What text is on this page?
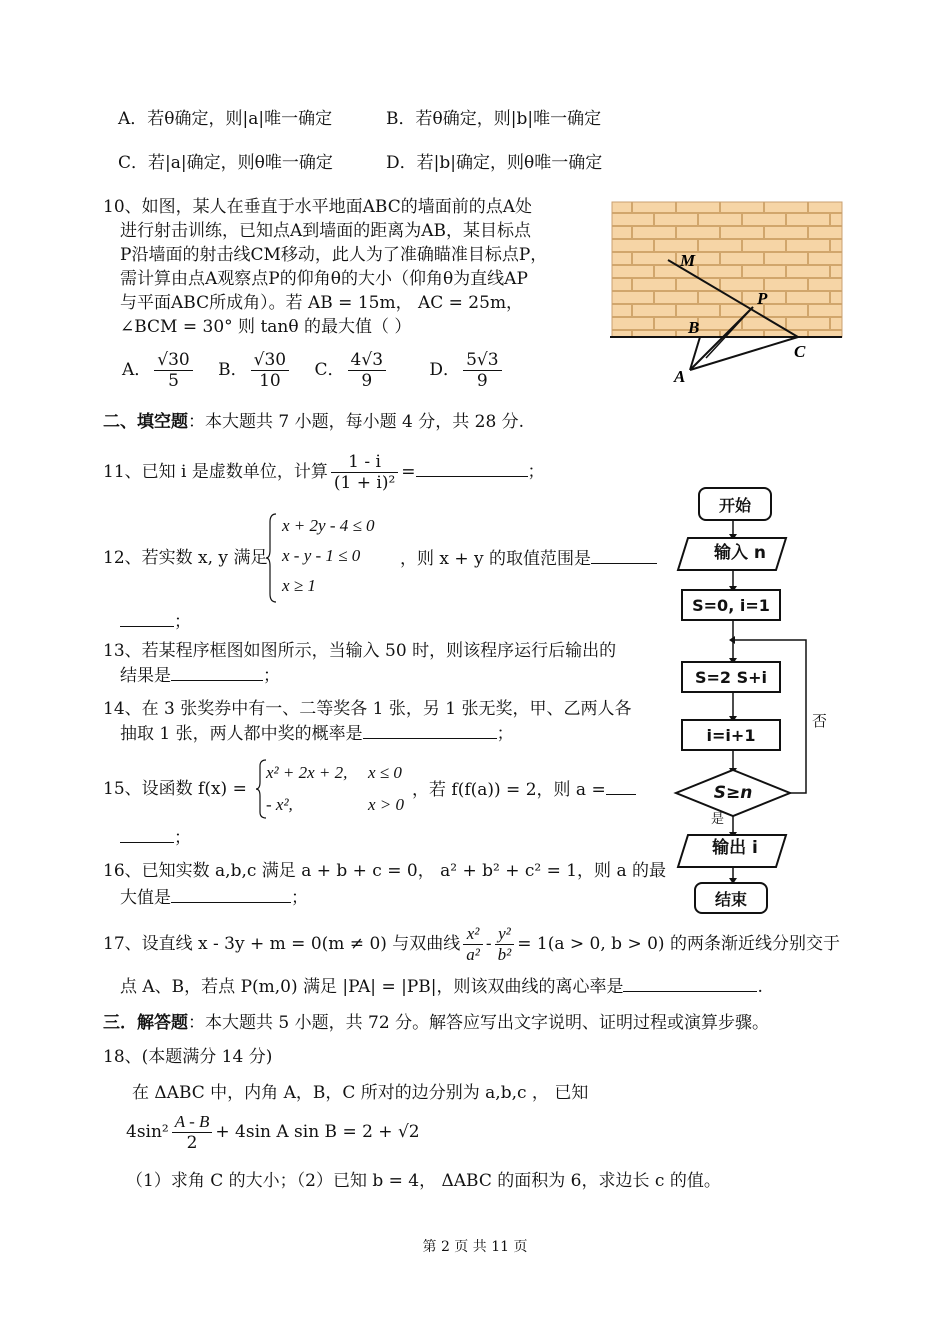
A．若θ确定，则|a|唯一确定	B．若θ确定，则|b|唯一确定
C．若|a|确定，则θ唯一确定	D．若|b|确定，则θ唯一确定
10、如图，某人在垂直于水平地面ABC的墙面前的点A处
进行射击训练，已知点A到墙面的距离为AB，某目标点
P沿墙面的射击线CM移动，此人为了准确瞄准目标点P，
需计算由点A观察点P的仰角θ的大小（仰角θ为直线AP
与平面ABC所成角）。若 AB = 15m， AC = 25m，
∠BCM = 30° 则 tanθ 的最大值（ ）
A． $\frac{√30}{5}$ B． $\frac{√30}{10}$ C． $\frac{4√3}{9}$	D． $\frac{5√3}{9}$
M
P
B
C
A
二、填空题：本大题共 7 小题，每小题 4 分，共 28 分.
11、已知 i 是虚数单位，计算 $\frac{1 - i}{\text{(1 + i)²}}$ =	；
12、若实数 x, y 满足
x + 2y - 4 ≤ 0
x - y - 1 ≤ 0
x ≥ 1
，则 x + y 的取值范围是
；
13、若某程序框图如图所示，当输入 50 时，则该程序运行后输出的
结果是	；
14、在 3 张奖券中有一、二等奖各 1 张，另 1 张无奖，甲、乙两人各
抽取 1 张，两人都中奖的概率是	；
15、设函数 f(x) =
x² + 2x + 2, x ≤ 0
- x²,	x > 0
，若 f(f(a)) = 2，则 a =
；
16、已知实数 a,b,c 满足 a + b + c = 0， a² + b² + c² = 1，则 a 的最
大值是	；
17、设直线 x - 3y + m = 0(m ≠ 0) 与双曲线 $\frac{\text{x²}}{\text{a²}} - \frac{\text{y²}}{\text{b²}} = 1(a > 0$, b > 0) 的两条渐近线分别交于
点 A、B，若点 P(m,0) 满足 |PA| = |PB|，则该双曲线的离心率是	.
三．解答题：本大题共 5 小题，共 72 分。解答应写出文字说明、证明过程或演算步骤。
18、(本题满分 14 分)
在 ΔABC 中，内角 A，B，C 所对的边分别为 a,b,c ， 已知
$4\sin^2 \frac{A - B}{2} + 4\sin$ A sin B = 2 + √2
（1）求角 C 的大小；（2）已知 b = 4， ΔABC 的面积为 6，求边长 c 的值。
开始
输入 n
S=0, i=1
S=2 S+i
i=i+1
S≥n
否
是
输出 i
结束
第 2 页 共 11 页
